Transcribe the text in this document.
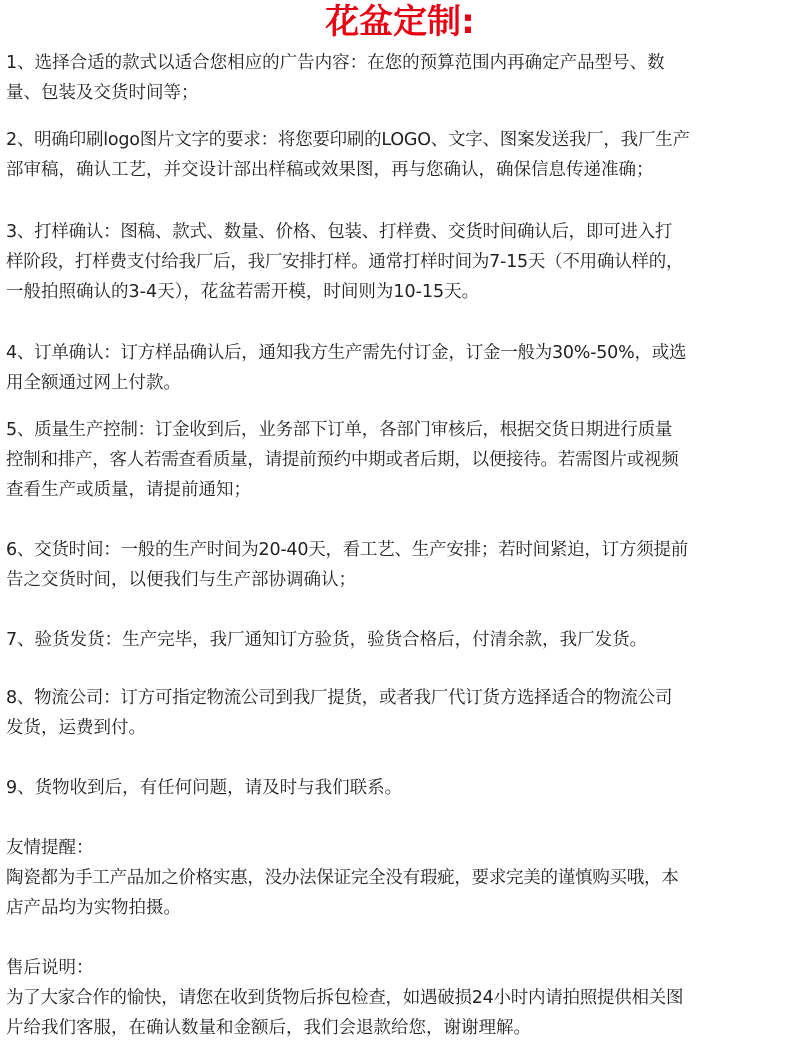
花盆定制:
1、选择合适的款式以适合您相应的广告内容：在您的预算范围内再确定产品型号、数
量、包装及交货时间等；
2、明确印刷logo图片文字的要求：将您要印刷的LOGO、文字、图案发送我厂，我厂生产
部审稿，确认工艺，并交设计部出样稿或效果图，再与您确认，确保信息传递准确；
3、打样确认：图稿、款式、数量、价格、包装、打样费、交货时间确认后，即可进入打
样阶段，打样费支付给我厂后，我厂安排打样。通常打样时间为7-15天（不用确认样的，
一般拍照确认的3-4天），花盆若需开模，时间则为10-15天。
4、订单确认：订方样品确认后，通知我方生产需先付订金，订金一般为30%-50%，或选
用全额通过网上付款。
5、质量生产控制：订金收到后，业务部下订单，各部门审核后，根据交货日期进行质量
控制和排产，客人若需查看质量，请提前预约中期或者后期，以便接待。若需图片或视频
查看生产或质量，请提前通知；
6、交货时间：一般的生产时间为20-40天，看工艺、生产安排；若时间紧迫，订方须提前
告之交货时间，以便我们与生产部协调确认；
7、验货发货：生产完毕，我厂通知订方验货，验货合格后，付清余款，我厂发货。
8、物流公司：订方可指定物流公司到我厂提货，或者我厂代订货方选择适合的物流公司
发货，运费到付。
9、货物收到后，有任何问题，请及时与我们联系。
友情提醒：
陶瓷都为手工产品加之价格实惠，没办法保证完全没有瑕疵，要求完美的谨慎购买哦，本
店产品均为实物拍摄。
售后说明：
为了大家合作的愉快，请您在收到货物后拆包检查，如遇破损24小时内请拍照提供相关图
片给我们客服，在确认数量和金额后，我们会退款给您，谢谢理解。
